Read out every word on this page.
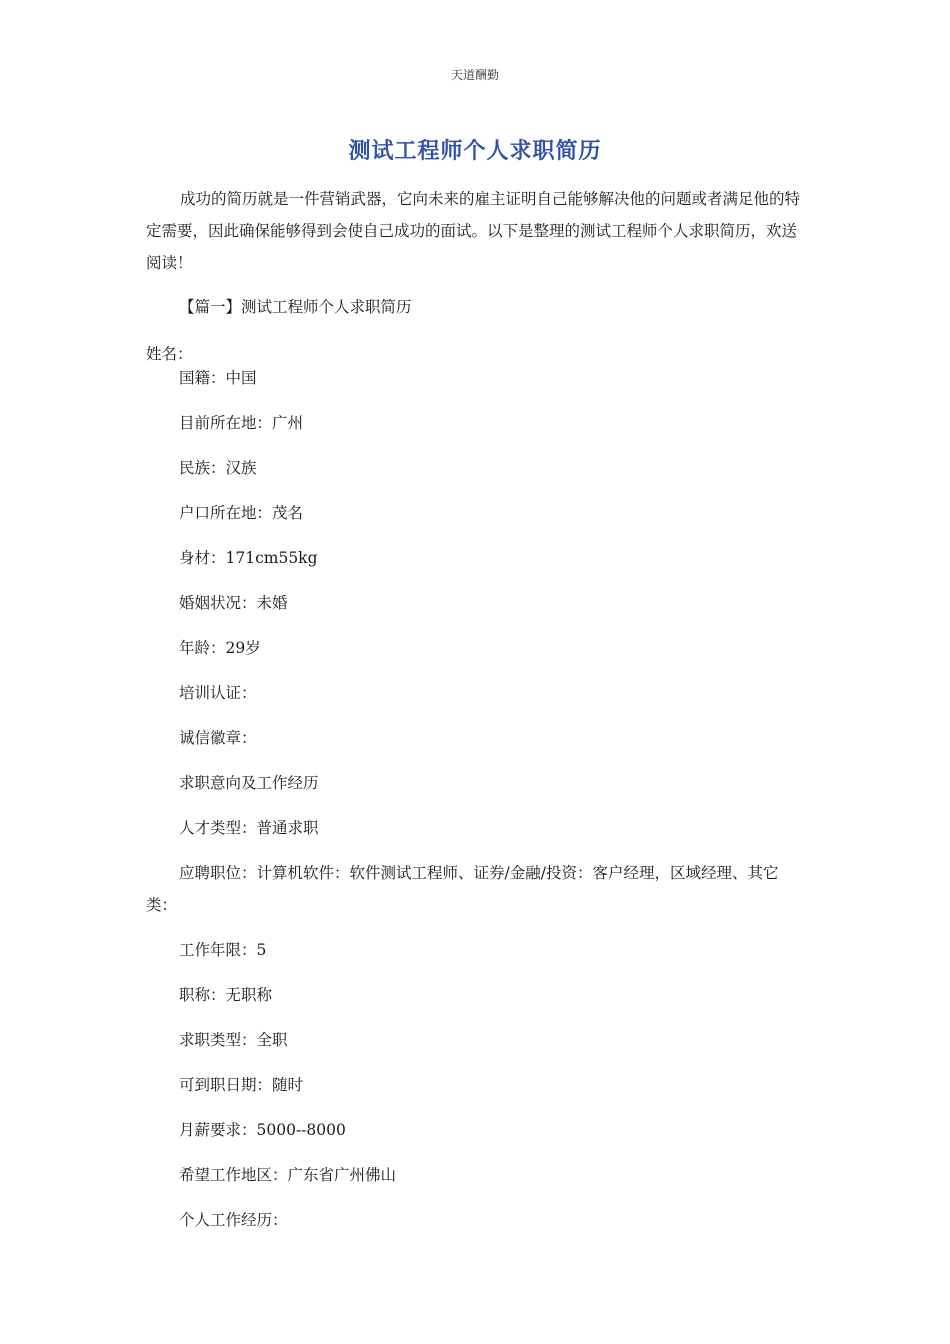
天道酬勤
测试工程师个人求职简历

成功的简历就是一件营销武器，它向未来的雇主证明自己能够解决他的问题或者满足他的特定需要，因此确保能够得到会使自己成功的面试。以下是整理的测试工程师个人求职简历，欢送阅读！

【篇一】测试工程师个人求职简历
姓名：
国籍：中国
目前所在地：广州
民族：汉族
户口所在地：茂名
身材：171cm55kg
婚姻状况：未婚
年龄：29岁
培训认证：
诚信徽章：
求职意向及工作经历
人才类型：普通求职
应聘职位：计算机软件：软件测试工程师、证券/金融/投资：客户经理，区域经理、其它类：
工作年限：5
职称：无职称
求职类型：全职
可到职日期：随时
月薪要求：5000--8000
希望工作地区：广东省广州佛山
个人工作经历：
